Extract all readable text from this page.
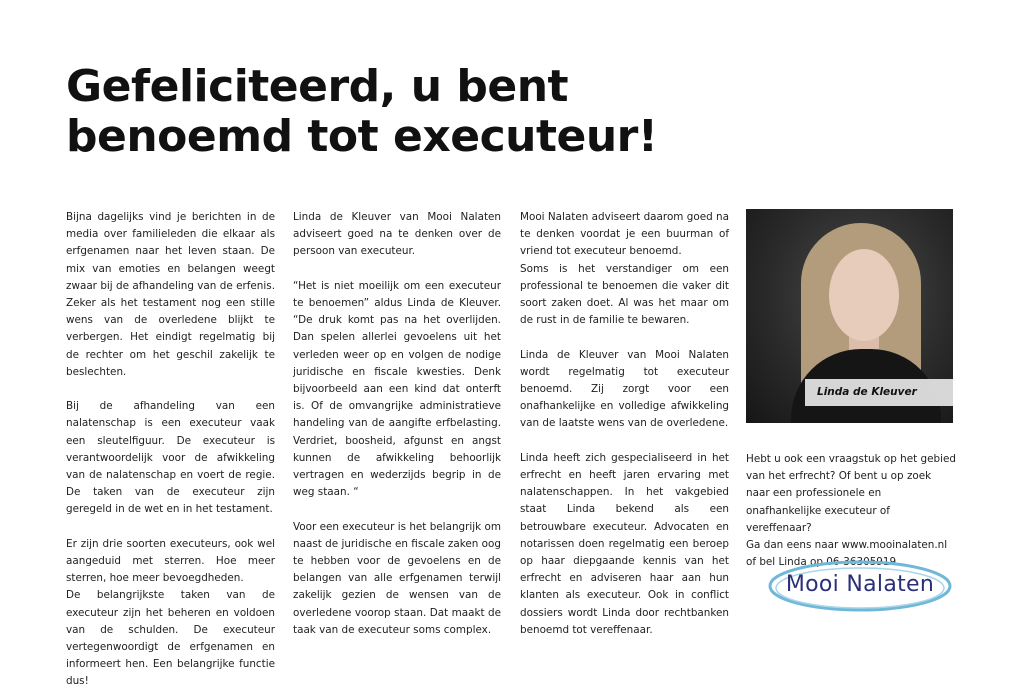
Gefeliciteerd, u bent
benoemd tot executeur!

Bijna dagelijks vind je berichten in de media over familieleden die elkaar als erfgenamen naar het leven staan. De mix van emoties en belangen weegt zwaar bij de afhandeling van de erfenis. Zeker als het testament nog een stille wens van de overledene blijkt te verbergen. Het eindigt regelmatig bij de rechter om het geschil zakelijk te beslechten.

Bij de afhandeling van een nalatenschap is een executeur vaak een sleutelfiguur. De executeur is verantwoordelijk voor de afwikkeling van de nalatenschap en voert de regie. De taken van de executeur zijn geregeld in de wet en in het testament.

Er zijn drie soorten executeurs, ook wel aangeduid met sterren. Hoe meer sterren, hoe meer bevoegdheden.

De belangrijkste taken van de executeur zijn het beheren en voldoen van de schulden. De executeur vertegenwoordigt de erfgenamen en informeert hen. Een belangrijke functie dus!

Linda de Kleuver van Mooi Nalaten adviseert goed na te denken over de persoon van executeur.

“Het is niet moeilijk om een executeur te benoemen” aldus Linda de Kleuver. “De druk komt pas na het overlijden. Dan spelen allerlei gevoelens uit het verleden weer op en volgen de nodige juridische en fiscale kwesties. Denk bijvoorbeeld aan een kind dat onterft is. Of de omvangrijke administratieve handeling van de aangifte erfbelasting. Verdriet, boosheid, afgunst en angst kunnen de afwikkeling behoorlijk vertragen en wederzijds begrip in de weg staan. “

Voor een executeur is het belangrijk om naast de juridische en fiscale zaken oog te hebben voor de gevoelens en de belangen van alle erfgenamen terwijl zakelijk gezien de wensen van de overledene voorop staan. Dat maakt de taak van de executeur soms complex.

Mooi Nalaten adviseert daarom goed na te denken voordat je een buurman of vriend tot executeur benoemd.

Soms is het verstandiger om een professional te benoemen die vaker dit soort zaken doet. Al was het maar om de rust in de familie te bewaren.

Linda de Kleuver van Mooi Nalaten wordt regelmatig tot executeur benoemd. Zij zorgt voor een onafhankelijke en volledige afwikkeling van de laatste wens van de overledene.

Linda heeft zich gespecialiseerd in het erfrecht en heeft jaren ervaring met nalatenschappen. In het vakgebied staat Linda bekend als een betrouwbare executeur. Advocaten en notarissen doen regelmatig een beroep op haar diepgaande kennis van het erfrecht en adviseren haar aan hun klanten als executeur. Ook in conflict dossiers wordt Linda door rechtbanken benoemd tot vereffenaar.

Linda de Kleuver

Hebt u ook een vraagstuk op het gebied van het erfrecht? Of bent u op zoek naar een professionele en onafhankelijke executeur of vereffenaar?

Ga dan eens naar www.mooinalaten.nl of bel Linda op 06-36305919.

Mooi Nalaten
